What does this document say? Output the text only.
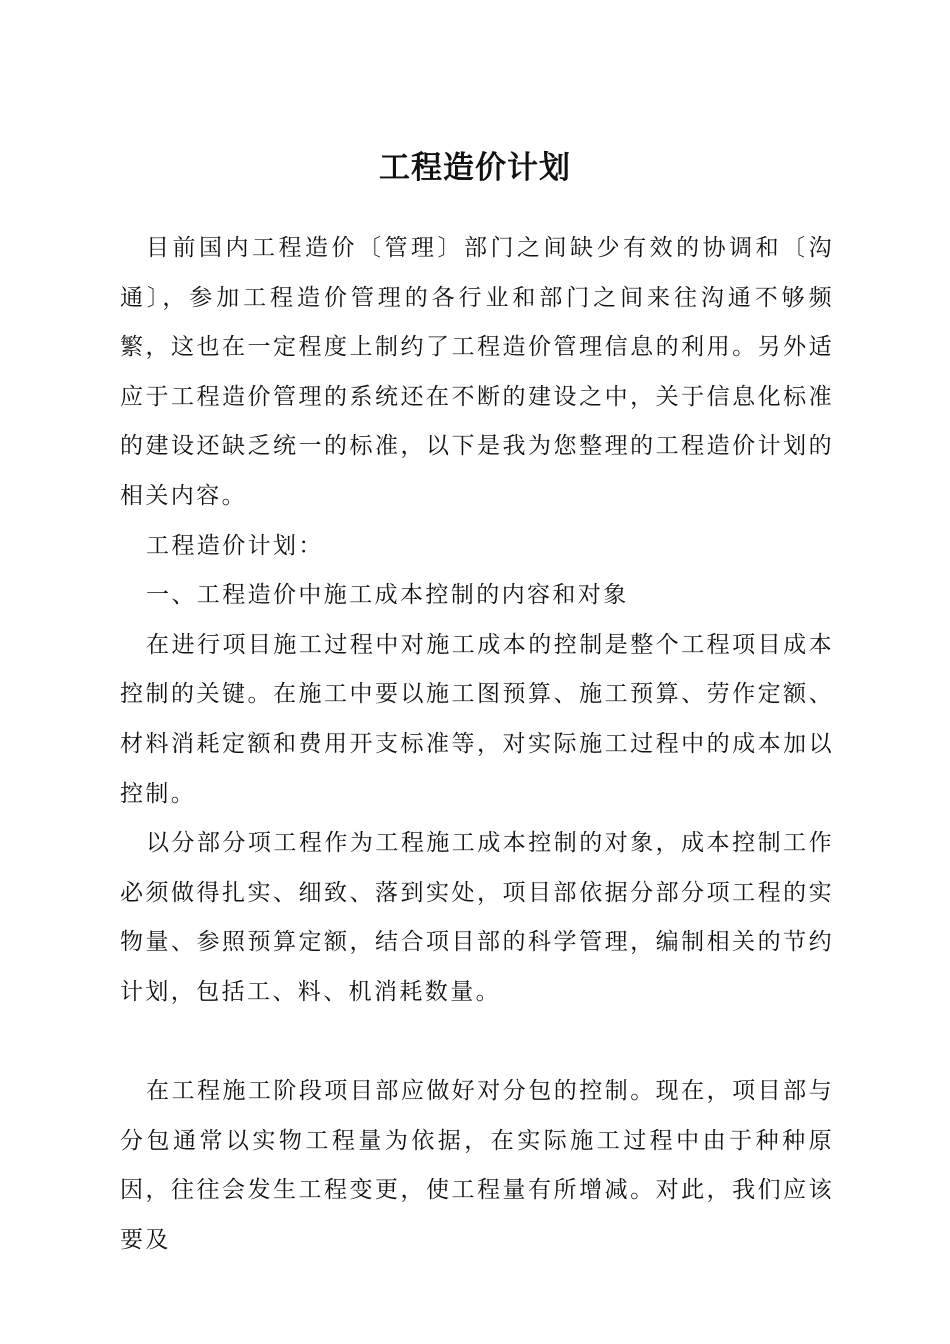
工程造价计划

目前国内工程造价〔管理〕部门之间缺少有效的协调和〔沟通〕，参加工程造价管理的各行业和部门之间来往沟通不够频繁，这也在一定程度上制约了工程造价管理信息的利用。另外适应于工程造价管理的系统还在不断的建设之中，关于信息化标准的建设还缺乏统一的标准，以下是我为您整理的工程造价计划的相关内容。

工程造价计划：

一、工程造价中施工成本控制的内容和对象

在进行项目施工过程中对施工成本的控制是整个工程项目成本控制的关键。在施工中要以施工图预算、施工预算、劳作定额、材料消耗定额和费用开支标准等，对实际施工过程中的成本加以控制。

以分部分项工程作为工程施工成本控制的对象，成本控制工作必须做得扎实、细致、落到实处，项目部依据分部分项工程的实物量、参照预算定额，结合项目部的科学管理，编制相关的节约计划，包括工、料、机消耗数量。

在工程施工阶段项目部应做好对分包的控制。现在，项目部与分包通常以实物工程量为依据，在实际施工过程中由于种种原因，往往会发生工程变更，使工程量有所增减。对此，我们应该要及
